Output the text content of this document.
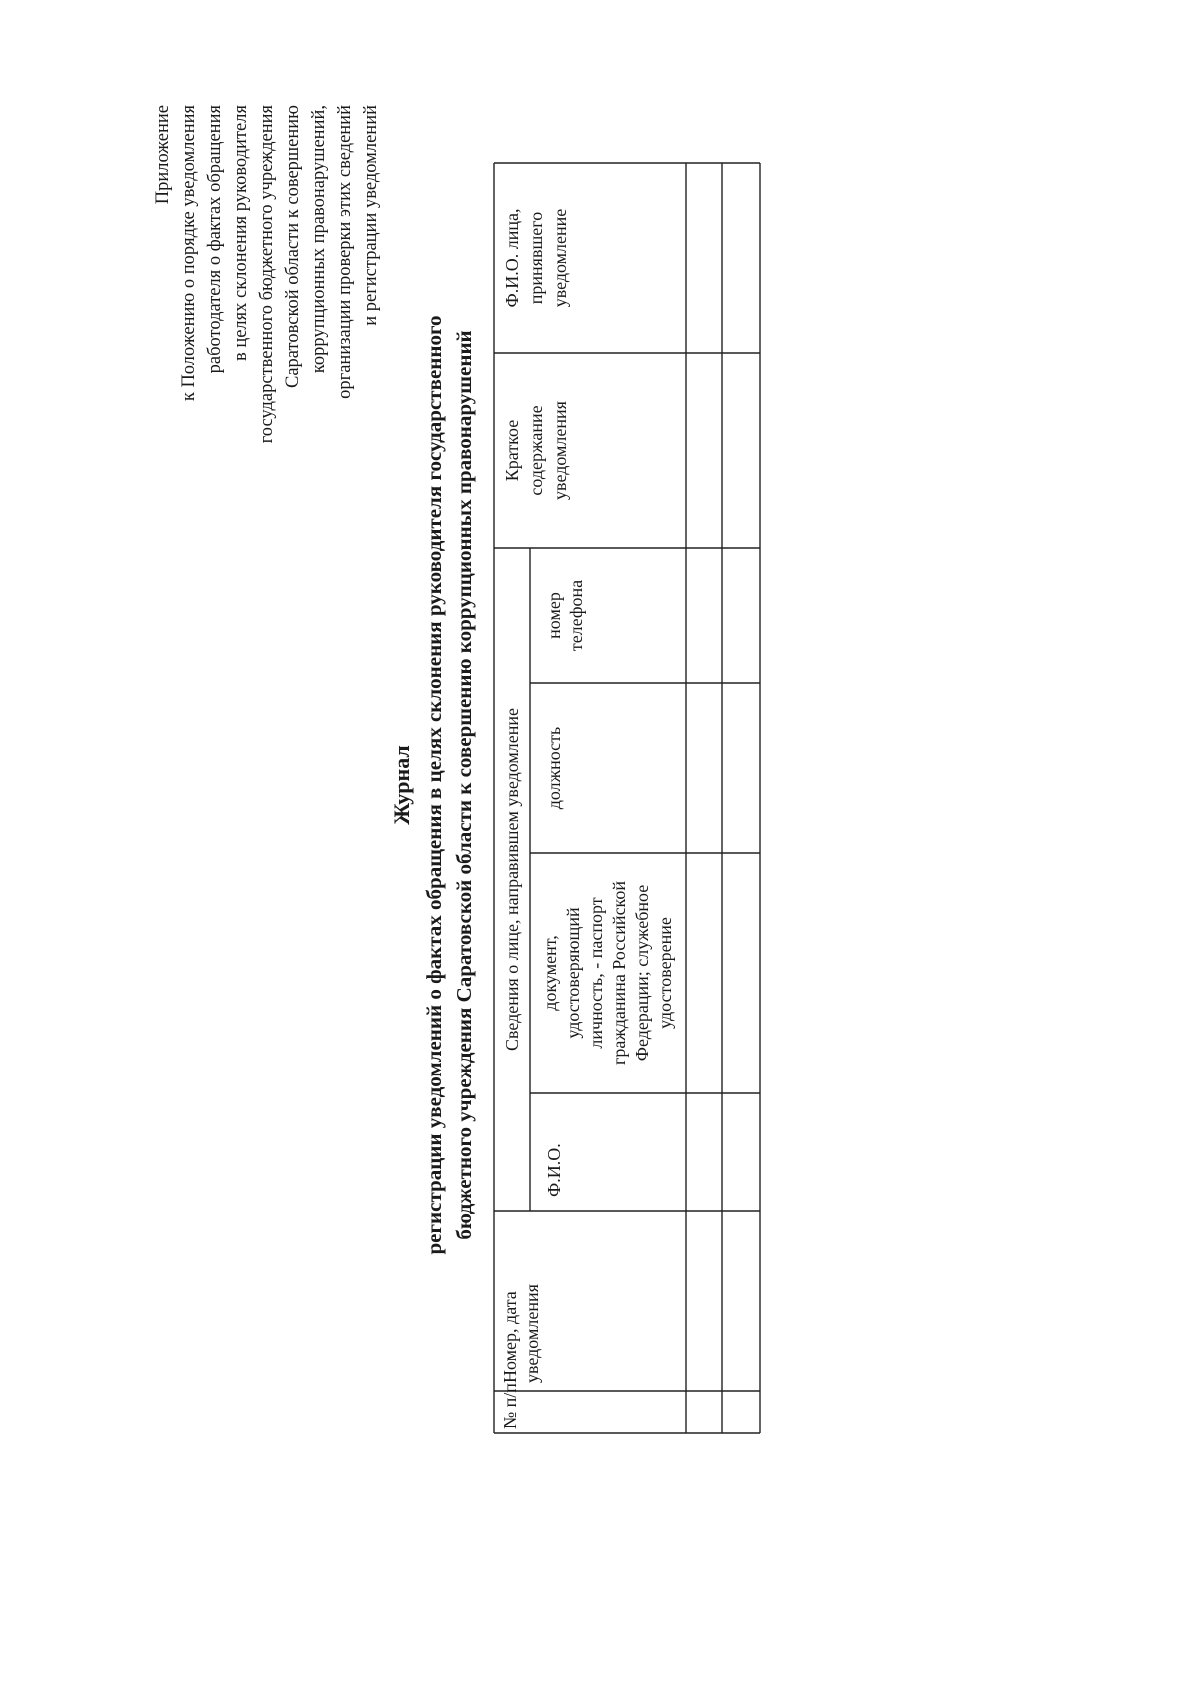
Приложение к Положению о порядке уведомления работодателя о фактах обращения в целях склонения руководителя государственного бюджетного учреждения Саратовской области к совершению коррупционных правонарушений, организации проверки этих сведений и регистрации уведомлений
Журнал регистрации уведомлений о фактах обращения в целях склонения руководителя государственного бюджетного учреждения Саратовской области к совершению коррупционных правонарушений
№ п/п
Номер, дата уведомления
Сведения о лице, направившем уведомление
Ф.И.О.
документ, удостоверяющий личность, - паспорт гражданина Российской Федерации; служебное удостоверение
должность
номер телефона
Краткое содержание уведомления
Ф.И.О. лица, принявшего уведомление
